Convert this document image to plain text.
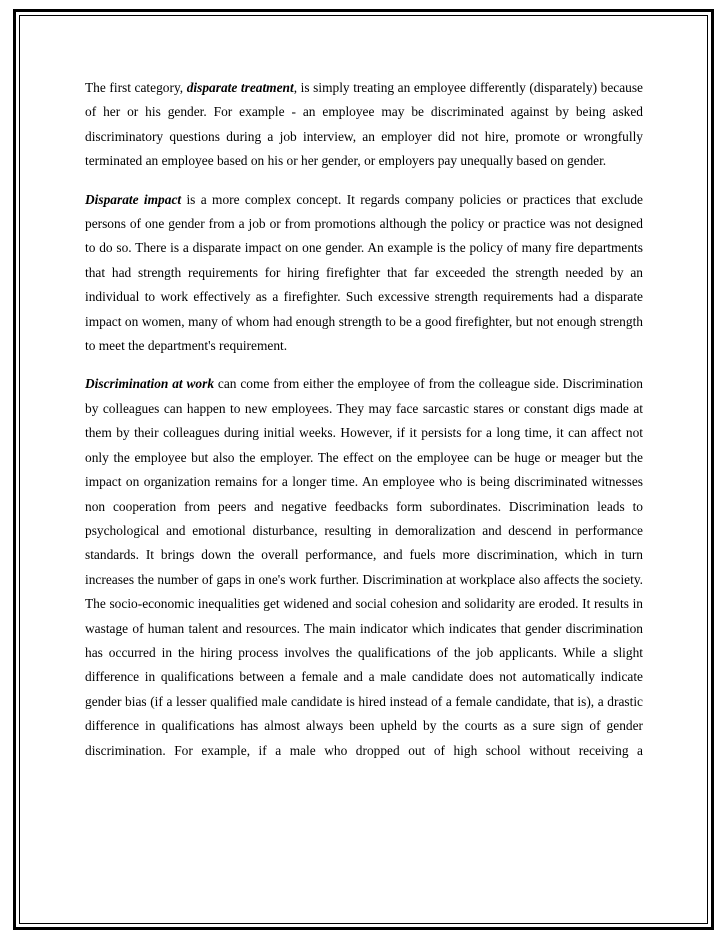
The first category, disparate treatment, is simply treating an employee differently (disparately) because of her or his gender. For example - an employee may be discriminated against by being asked discriminatory questions during a job interview, an employer did not hire, promote or wrongfully terminated an employee based on his or her gender, or employers pay unequally based on gender.

Disparate impact is a more complex concept. It regards company policies or practices that exclude persons of one gender from a job or from promotions although the policy or practice was not designed to do so. There is a disparate impact on one gender. An example is the policy of many fire departments that had strength requirements for hiring firefighter that far exceeded the strength needed by an individual to work effectively as a firefighter. Such excessive strength requirements had a disparate impact on women, many of whom had enough strength to be a good firefighter, but not enough strength to meet the department's requirement.

Discrimination at work can come from either the employee of from the colleague side. Discrimination by colleagues can happen to new employees. They may face sarcastic stares or constant digs made at them by their colleagues during initial weeks. However, if it persists for a long time, it can affect not only the employee but also the employer. The effect on the employee can be huge or meager but the impact on organization remains for a longer time. An employee who is being discriminated witnesses non cooperation from peers and negative feedbacks form subordinates. Discrimination leads to psychological and emotional disturbance, resulting in demoralization and descend in performance standards. It brings down the overall performance, and fuels more discrimination, which in turn increases the number of gaps in one's work further. Discrimination at workplace also affects the society. The socio-economic inequalities get widened and social cohesion and solidarity are eroded. It results in wastage of human talent and resources. The main indicator which indicates that gender discrimination has occurred in the hiring process involves the qualifications of the job applicants. While a slight difference in qualifications between a female and a male candidate does not automatically indicate gender bias (if a lesser qualified male candidate is hired instead of a female candidate, that is), a drastic difference in qualifications has almost always been upheld by the courts as a sure sign of gender discrimination. For example, if a male who dropped out of high school without receiving a
